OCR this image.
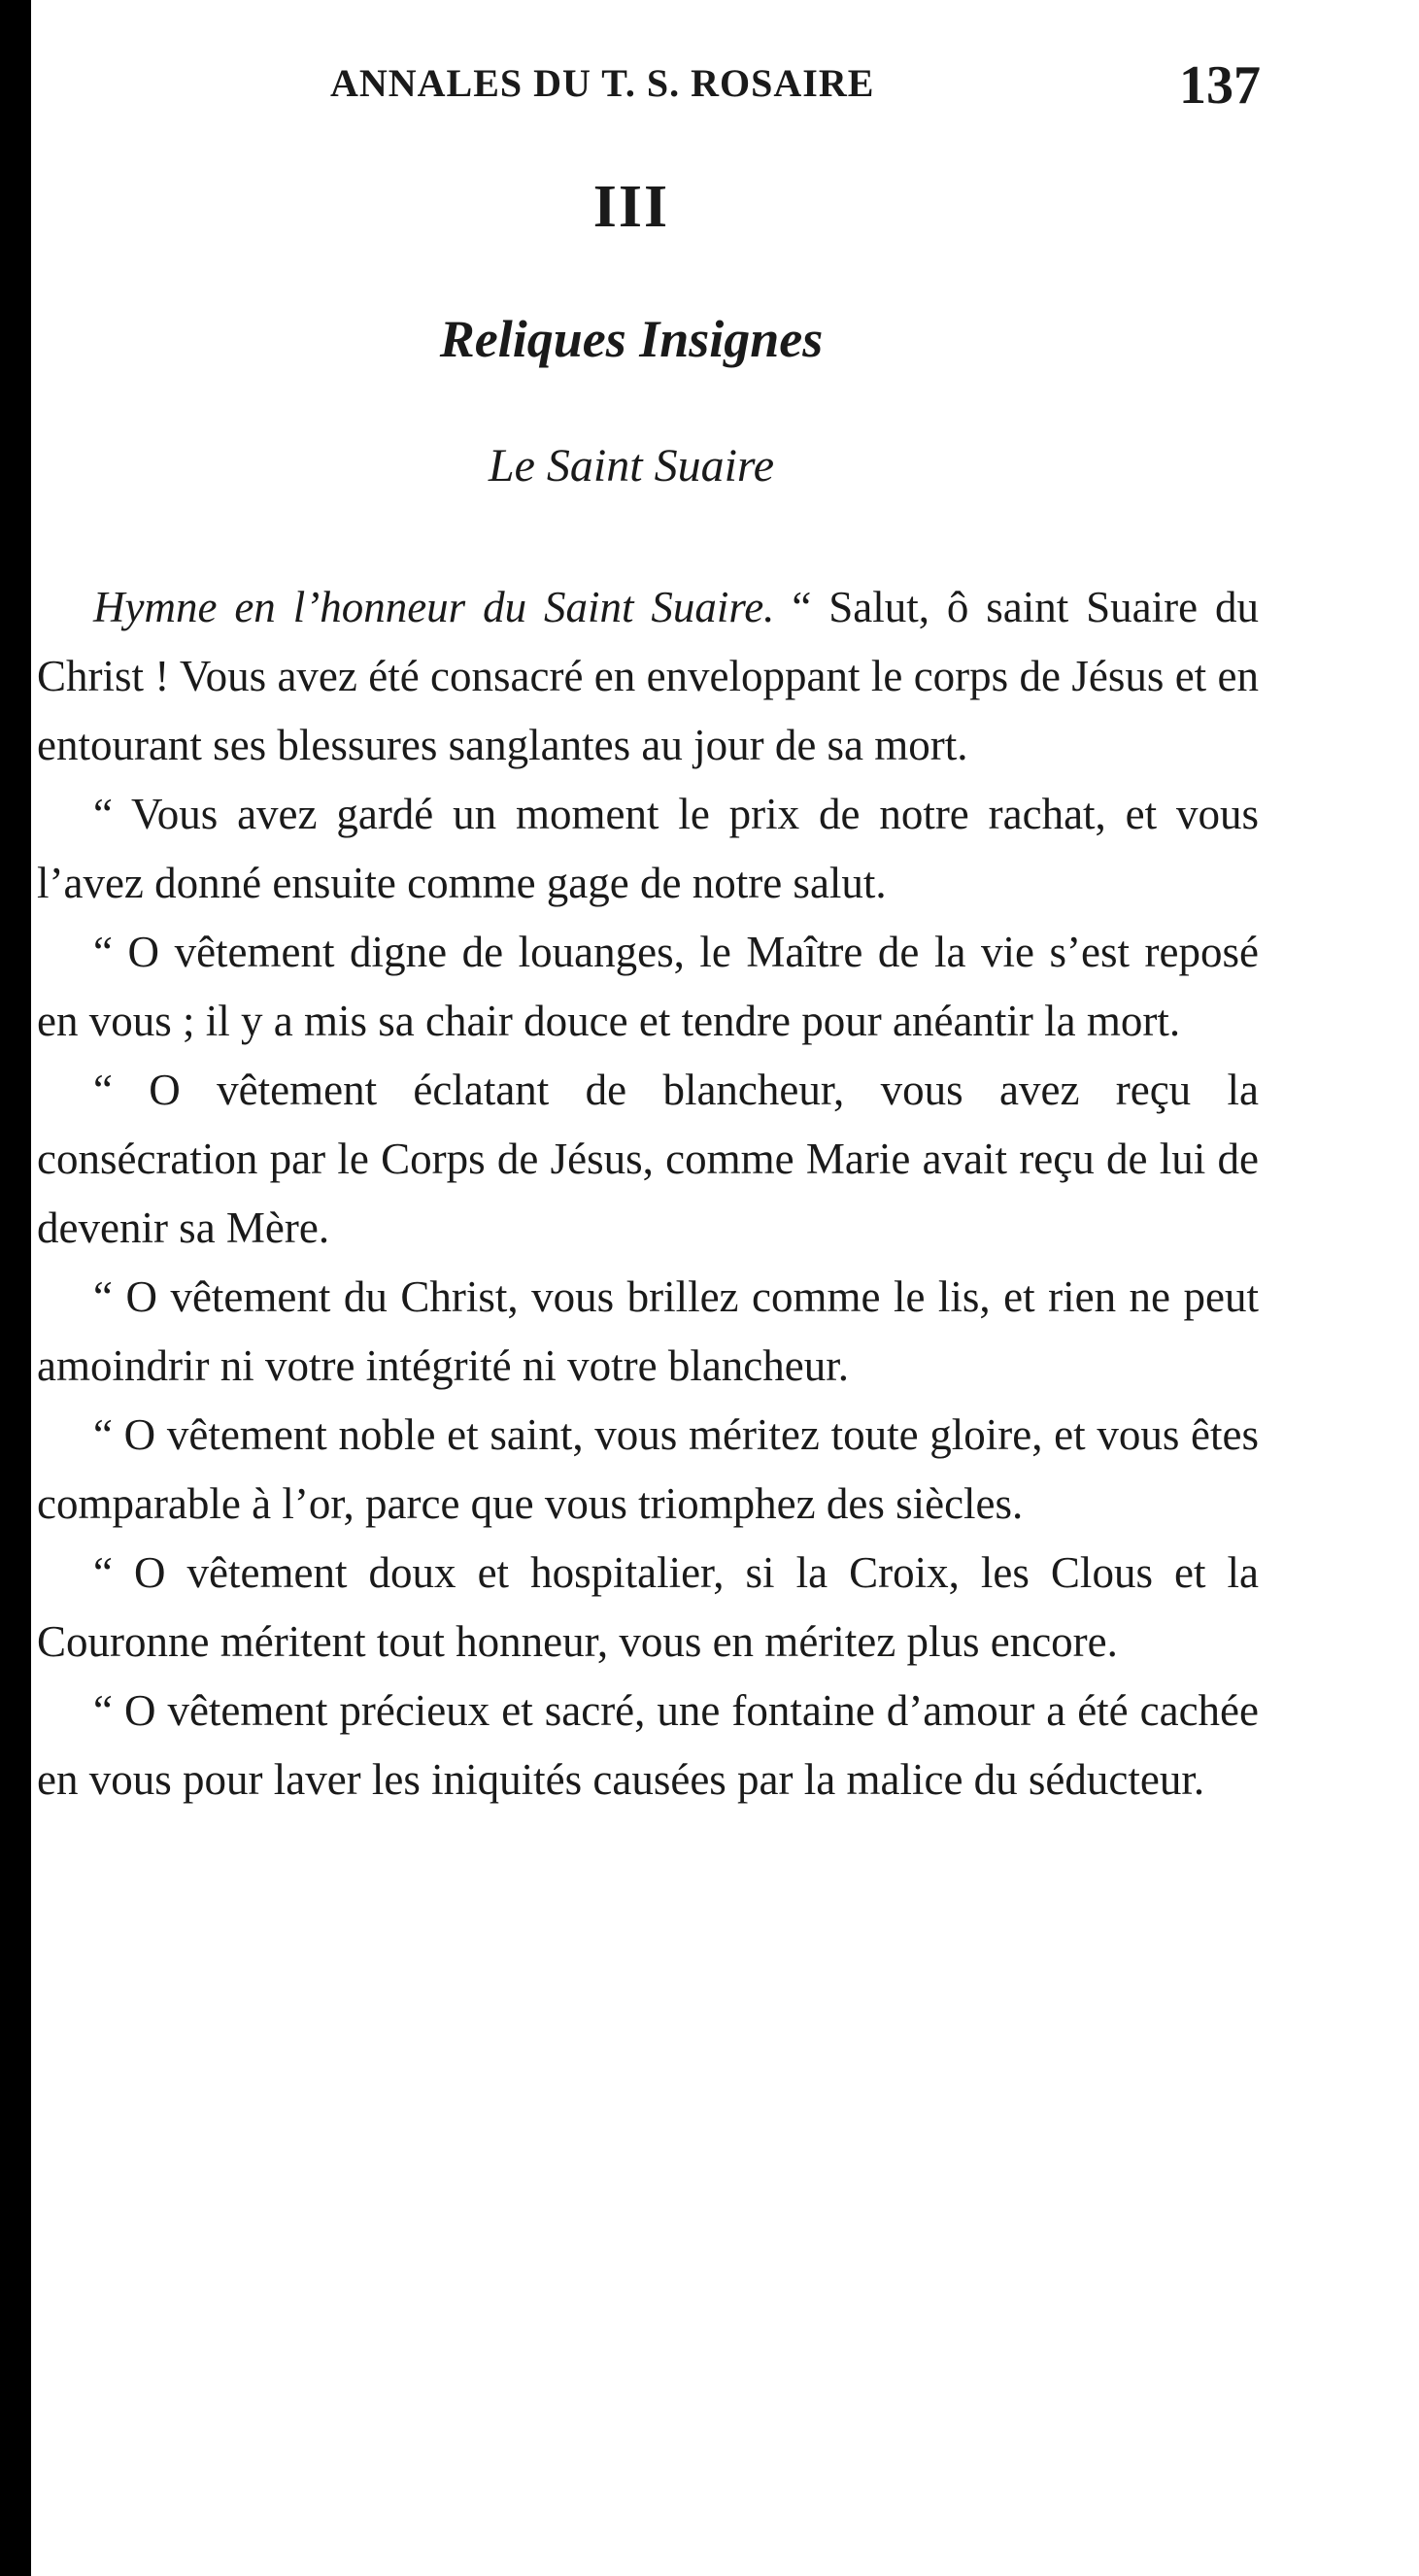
ANNALES DU T. S. ROSAIRE	137
III
Reliques Insignes
Le Saint Suaire

Hymne en l’honneur du Saint Suaire. “ Salut, ô saint Suaire du Christ ! Vous avez été consacré en enveloppant le corps de Jésus et en entourant ses blessures sanglantes au jour de sa mort.

“ Vous avez gardé un moment le prix de notre rachat, et vous l’avez donné ensuite comme gage de notre salut.

“ O vêtement digne de louanges, le Maître de la vie s’est reposé en vous ; il y a mis sa chair douce et tendre pour anéantir la mort.

“ O vêtement éclatant de blancheur, vous avez reçu la consécration par le Corps de Jésus, comme Marie avait reçu de lui de devenir sa Mère.

“ O vêtement du Christ, vous brillez comme le lis, et rien ne peut amoindrir ni votre intégrité ni votre blancheur.

“ O vêtement noble et saint, vous méritez toute gloire, et vous êtes comparable à l’or, parce que vous triomphez des siècles.

“ O vêtement doux et hospitalier, si la Croix, les Clous et la Couronne méritent tout honneur, vous en méritez plus encore.

“ O vêtement précieux et sacré, une fontaine d’amour a été cachée en vous pour laver les iniquités causées par la malice du séducteur.
